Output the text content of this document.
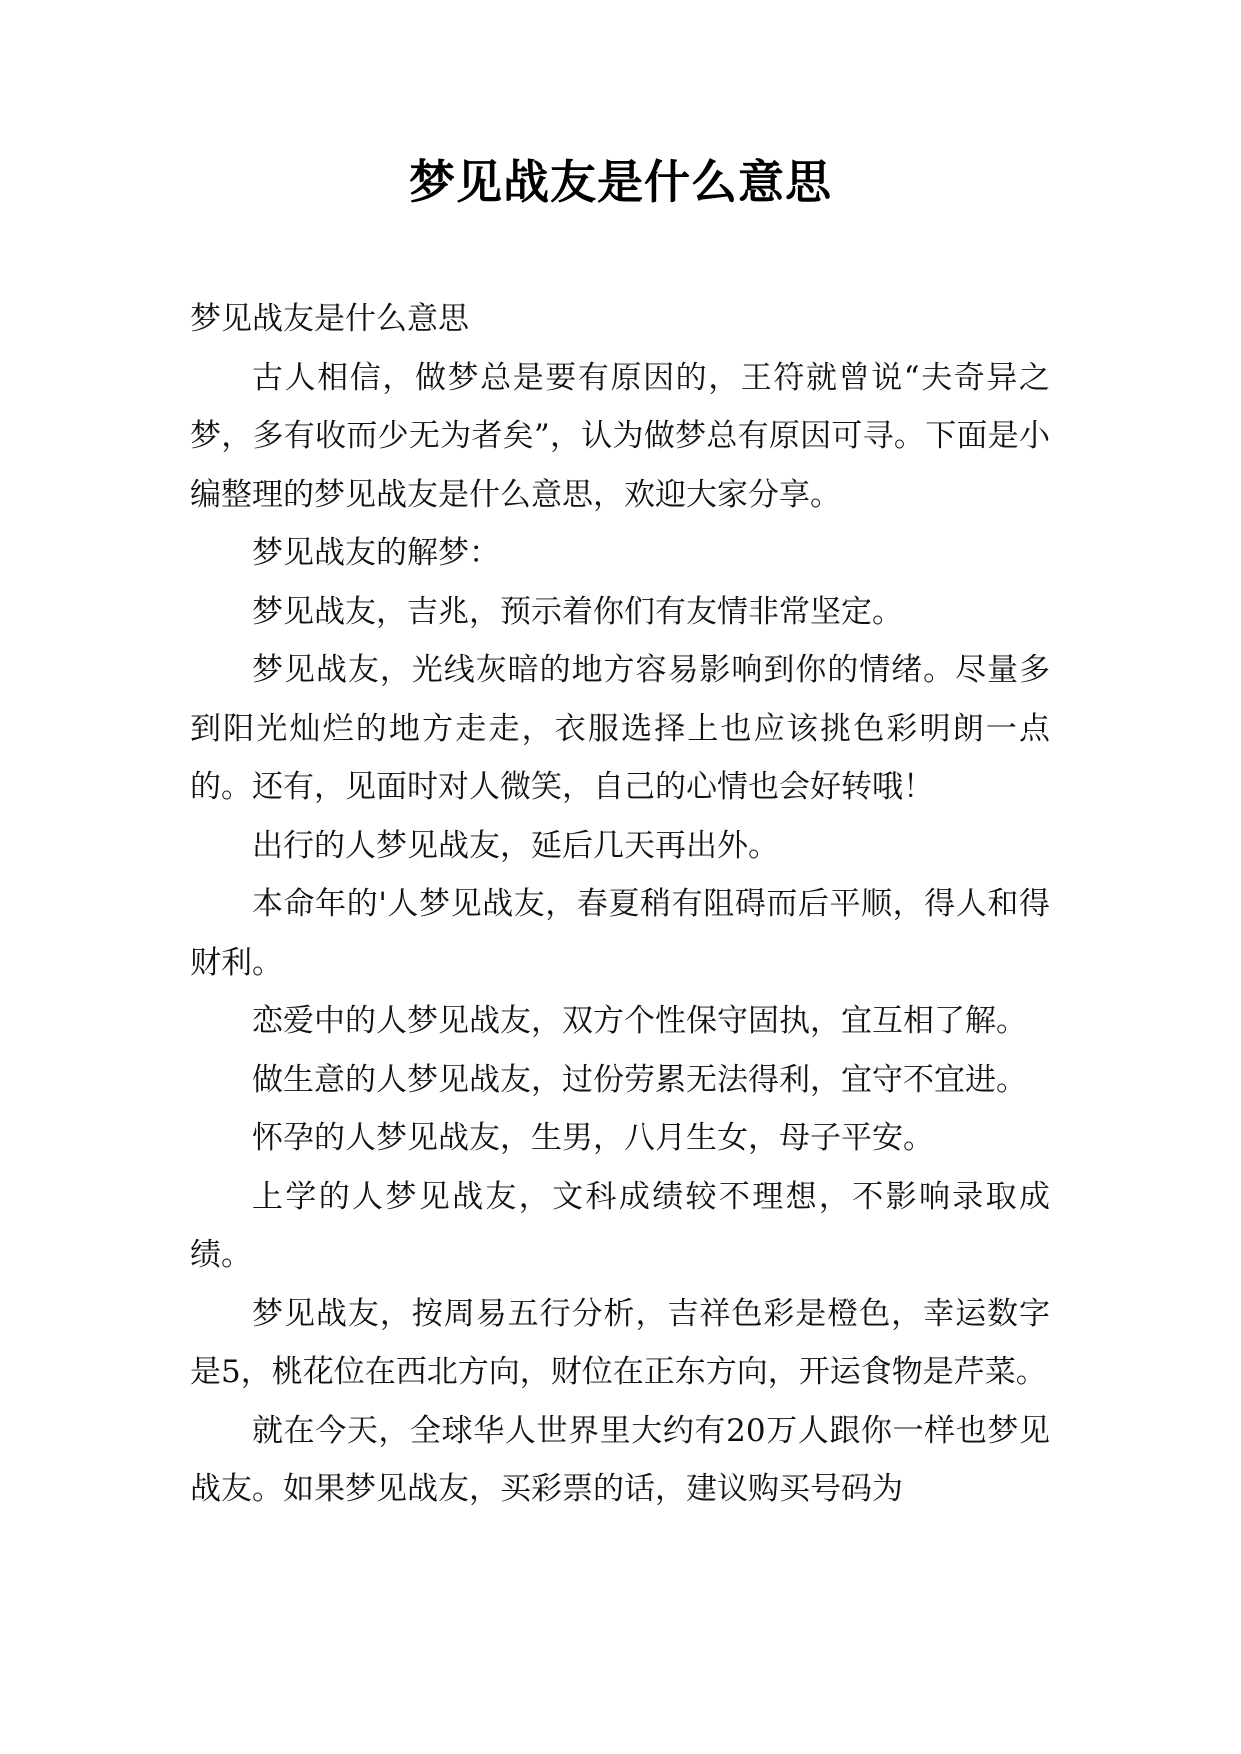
梦见战友是什么意思

梦见战友是什么意思

古人相信，做梦总是要有原因的，王符就曾说“夫奇异之梦，多有收而少无为者矣”，认为做梦总有原因可寻。下面是小编整理的梦见战友是什么意思，欢迎大家分享。

梦见战友的解梦：

梦见战友，吉兆，预示着你们有友情非常坚定。

梦见战友，光线灰暗的地方容易影响到你的情绪。尽量多到阳光灿烂的地方走走，衣服选择上也应该挑色彩明朗一点的。还有，见面时对人微笑，自己的心情也会好转哦！

出行的人梦见战友，延后几天再出外。

本命年的'人梦见战友，春夏稍有阻碍而后平顺，得人和得财利。

恋爱中的人梦见战友，双方个性保守固执，宜互相了解。

做生意的人梦见战友，过份劳累无法得利，宜守不宜进。

怀孕的人梦见战友，生男，八月生女，母子平安。

上学的人梦见战友，文科成绩较不理想，不影响录取成绩。

梦见战友，按周易五行分析，吉祥色彩是橙色，幸运数字是5，桃花位在西北方向，财位在正东方向，开运食物是芹菜。

就在今天，全球华人世界里大约有20万人跟你一样也梦见战友。如果梦见战友，买彩票的话，建议购买号码为
